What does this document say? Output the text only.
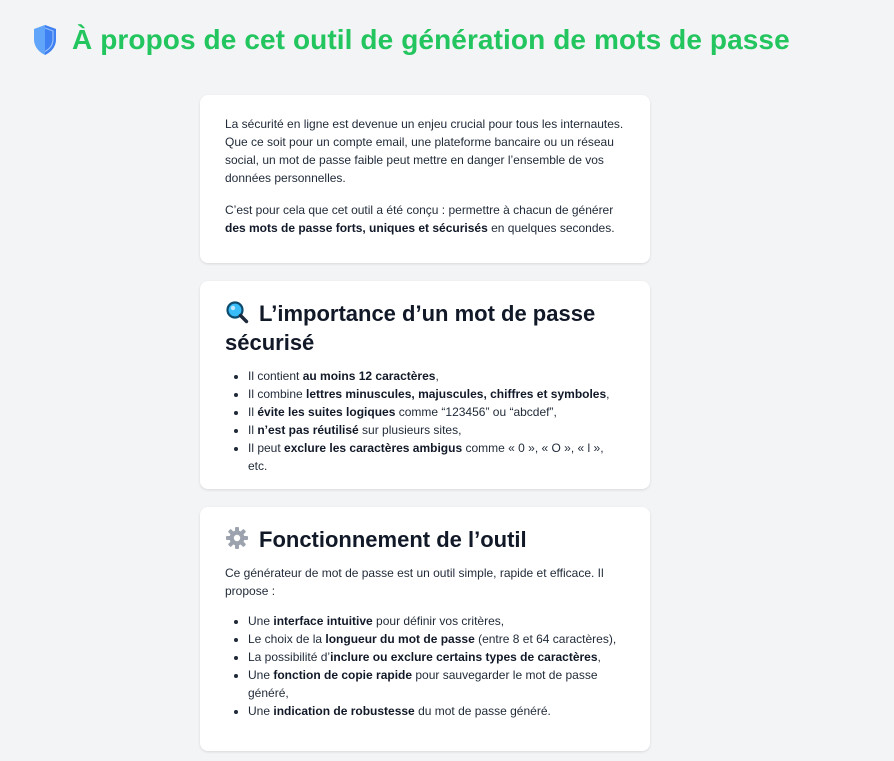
À propos de cet outil de génération de mots de passe

La sécurité en ligne est devenue un enjeu crucial pour tous les internautes. Que ce soit pour un compte email, une plateforme bancaire ou un réseau social, un mot de passe faible peut mettre en danger l’ensemble de vos données personnelles.

C’est pour cela que cet outil a été conçu : permettre à chacun de générer des mots de passe forts, uniques et sécurisés en quelques secondes.

L’importance d’un mot de passe sécurisé
• Il contient au moins 12 caractères,
• Il combine lettres minuscules, majuscules, chiffres et symboles,
• Il évite les suites logiques comme “123456” ou “abcdef”,
• Il n’est pas réutilisé sur plusieurs sites,
• Il peut exclure les caractères ambigus comme « 0 », « O », « l », etc.
Fonctionnement de l’outil

Ce générateur de mot de passe est un outil simple, rapide et efficace. Il propose :

• Une interface intuitive pour définir vos critères,
• Le choix de la longueur du mot de passe (entre 8 et 64 caractères),
• La possibilité d’inclure ou exclure certains types de caractères,
• Une fonction de copie rapide pour sauvegarder le mot de passe généré,
• Une indication de robustesse du mot de passe généré.
